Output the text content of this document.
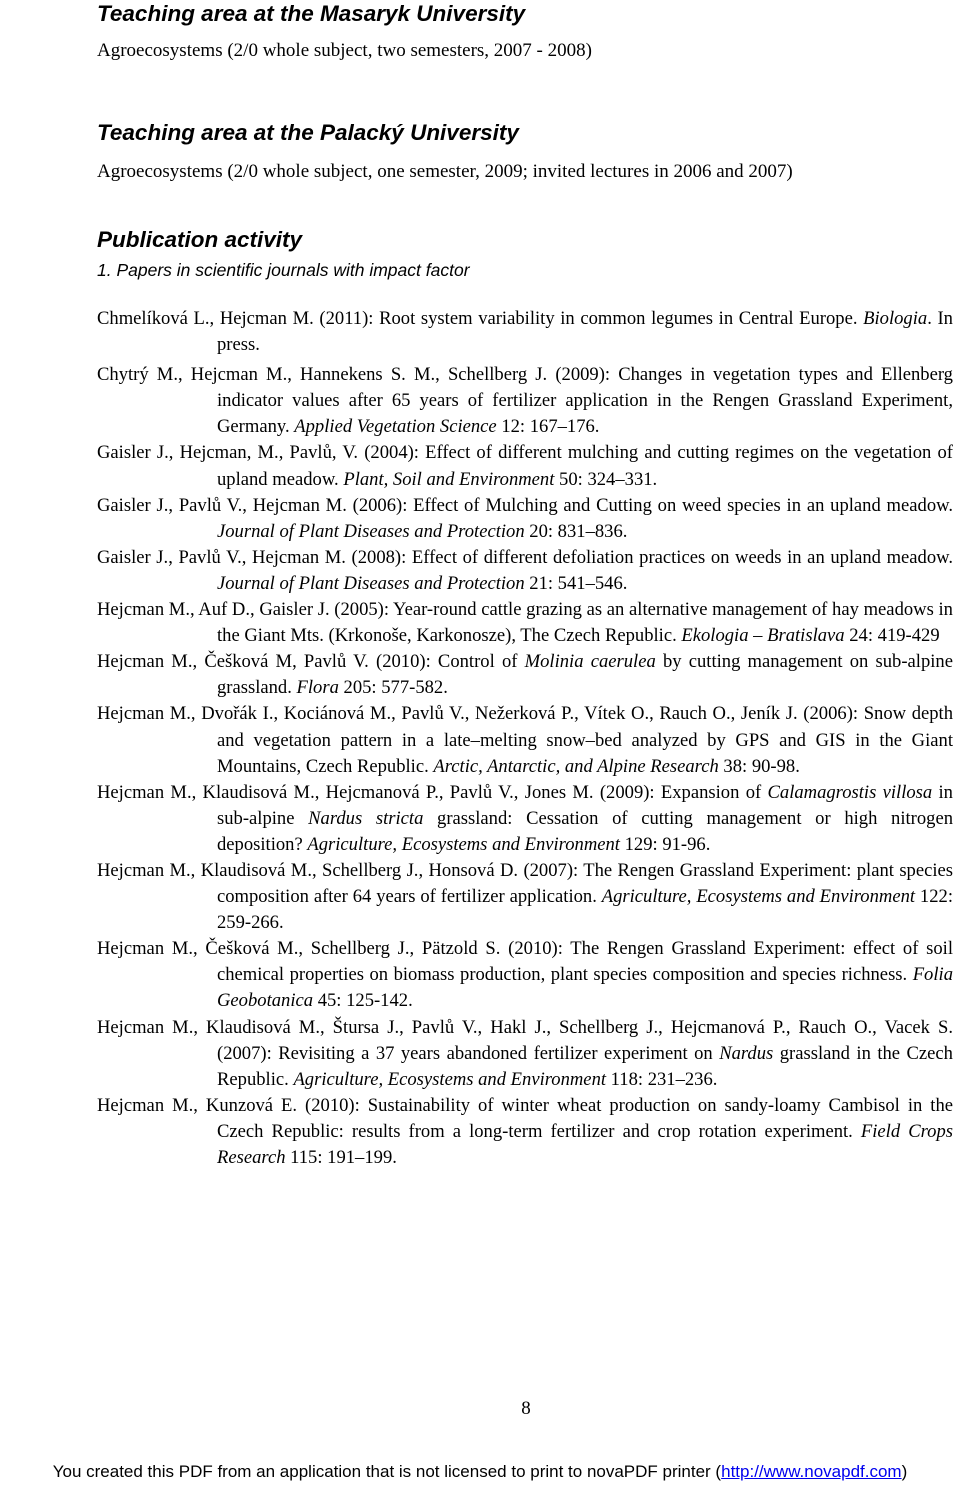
Teaching area at the Masaryk University
Agroecosystems (2/0 whole subject, two semesters, 2007 - 2008)
Teaching area at the Palacký University
Agroecosystems (2/0 whole subject, one semester, 2009; invited lectures in 2006 and 2007)
Publication activity
1. Papers in scientific journals with impact factor

Chmelíková L., Hejcman M. (2011): Root system variability in common legumes in Central Europe. Biologia. In press.

Chytrý M., Hejcman M., Hannekens S. M., Schellberg J. (2009): Changes in vegetation types and Ellenberg indicator values after 65 years of fertilizer application in the Rengen Grassland Experiment, Germany. Applied Vegetation Science 12: 167–176.

Gaisler J., Hejcman, M., Pavlů, V. (2004): Effect of different mulching and cutting regimes on the vegetation of upland meadow. Plant, Soil and Environment 50: 324–331.

Gaisler J., Pavlů V., Hejcman M. (2006): Effect of Mulching and Cutting on weed species in an upland meadow. Journal of Plant Diseases and Protection 20: 831–836.

Gaisler J., Pavlů V., Hejcman M. (2008): Effect of different defoliation practices on weeds in an upland meadow. Journal of Plant Diseases and Protection 21: 541–546.

Hejcman M., Auf D., Gaisler J. (2005): Year-round cattle grazing as an alternative management of hay meadows in the Giant Mts. (Krkonoše, Karkonosze), The Czech Republic. Ekologia – Bratislava 24: 419-429

Hejcman M., Češková M, Pavlů V. (2010): Control of Molinia caerulea by cutting management on sub-alpine grassland. Flora 205: 577-582.

Hejcman M., Dvořák I., Kociánová M., Pavlů V., Nežerková P., Vítek O., Rauch O., Jeník J. (2006): Snow depth and vegetation pattern in a late–melting snow–bed analyzed by GPS and GIS in the Giant Mountains, Czech Republic. Arctic, Antarctic, and Alpine Research 38: 90-98.

Hejcman M., Klaudisová M., Hejcmanová P., Pavlů V., Jones M. (2009): Expansion of Calamagrostis villosa in sub-alpine Nardus stricta grassland: Cessation of cutting management or high nitrogen deposition? Agriculture, Ecosystems and Environment 129: 91-96.

Hejcman M., Klaudisová M., Schellberg J., Honsová D. (2007): The Rengen Grassland Experiment: plant species composition after 64 years of fertilizer application. Agriculture, Ecosystems and Environment 122: 259-266.

Hejcman M., Češková M., Schellberg J., Pätzold S. (2010): The Rengen Grassland Experiment: effect of soil chemical properties on biomass production, plant species composition and species richness. Folia Geobotanica 45: 125-142.

Hejcman M., Klaudisová M., Štursa J., Pavlů V., Hakl J., Schellberg J., Hejcmanová P., Rauch O., Vacek S. (2007): Revisiting a 37 years abandoned fertilizer experiment on Nardus grassland in the Czech Republic. Agriculture, Ecosystems and Environment 118: 231–236.

Hejcman M., Kunzová E. (2010): Sustainability of winter wheat production on sandy-loamy Cambisol in the Czech Republic: results from a long-term fertilizer and crop rotation experiment. Field Crops Research 115: 191–199.

8
You created this PDF from an application that is not licensed to print to novaPDF printer (http://www.novapdf.com)
